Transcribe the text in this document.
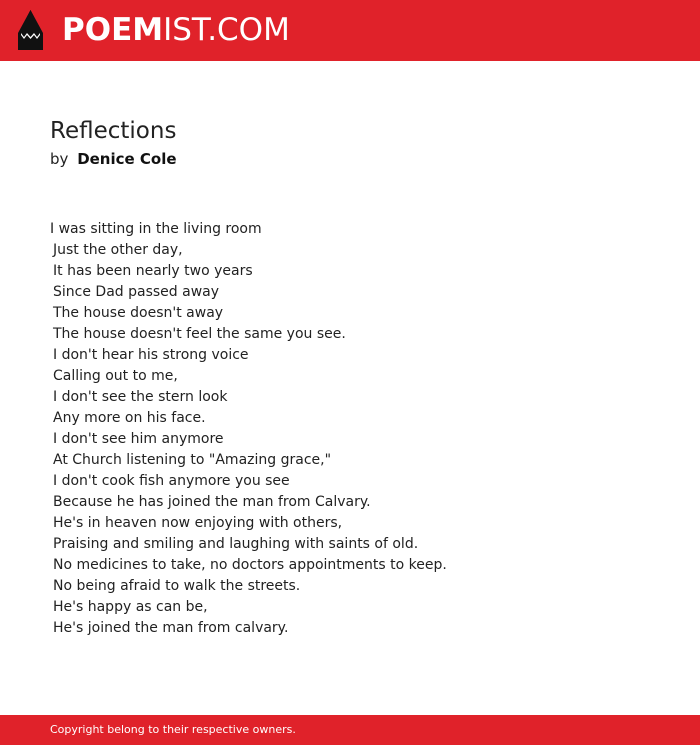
POEMIST.COM
Reflections
by Denice Cole
I was sitting in the living room
Just the other day,
It has been nearly two years
Since Dad passed away
The house doesn't away
The house doesn't feel the same you see.
I don't hear his strong voice
Calling out to me,
I don't see the stern look
Any more on his face.
I don't see him anymore
At Church listening to "Amazing grace,"
I don't cook fish anymore you see
Because he has joined the man from Calvary.
He's in heaven now enjoying with others,
Praising and smiling and laughing with saints of old.
No medicines to take, no doctors appointments to keep.
No being afraid to walk the streets.
He's happy as can be,
He's joined the man from calvary.
Copyright belong to their respective owners.
